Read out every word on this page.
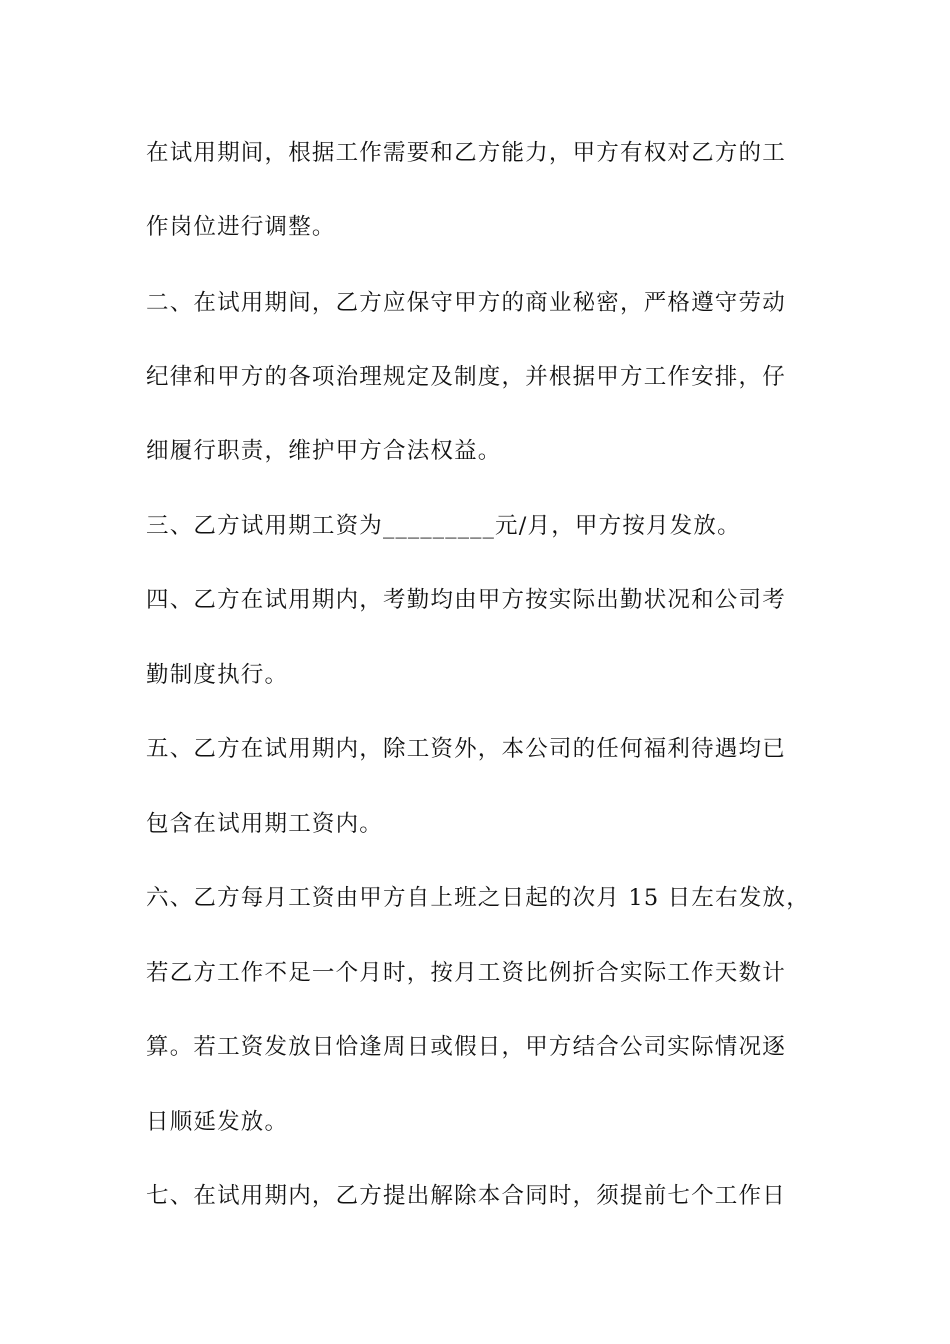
在试用期间，根据工作需要和乙方能力，甲方有权对乙方的工
作岗位进行调整。
二、在试用期间，乙方应保守甲方的商业秘密，严格遵守劳动
纪律和甲方的各项治理规定及制度，并根据甲方工作安排，仔
细履行职责，维护甲方合法权益。
三、乙方试用期工资为_________元/月，甲方按月发放。
四、乙方在试用期内，考勤均由甲方按实际出勤状况和公司考
勤制度执行。
五、乙方在试用期内，除工资外，本公司的任何福利待遇均已
包含在试用期工资内。
六、乙方每月工资由甲方自上班之日起的次月 15 日左右发放，
若乙方工作不足一个月时，按月工资比例折合实际工作天数计
算。若工资发放日恰逢周日或假日，甲方结合公司实际情况逐
日顺延发放。
七、在试用期内，乙方提出解除本合同时，须提前七个工作日
